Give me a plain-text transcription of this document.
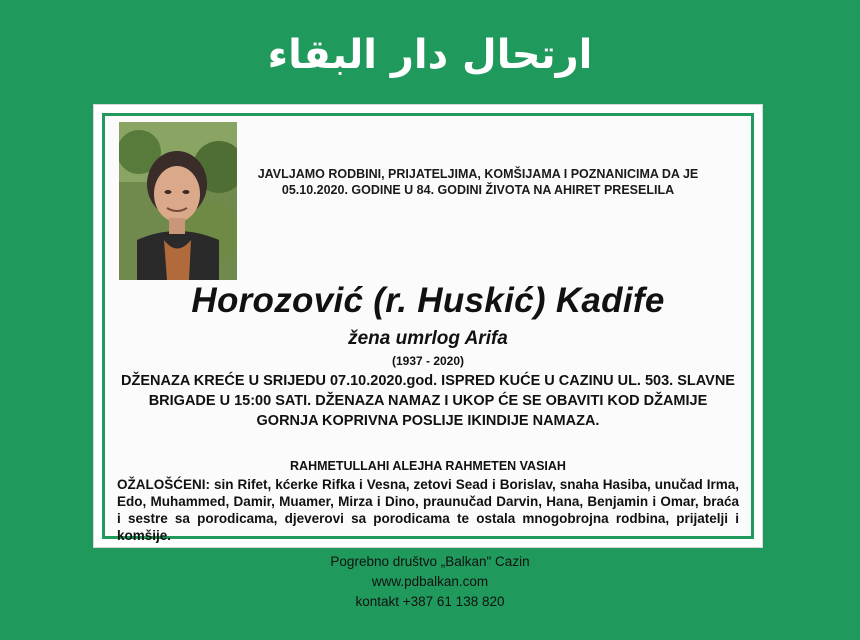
ارتحال دار البقاء
JAVLJAMO RODBINI, PRIJATELJIMA, KOMŠIJAMA I POZNANICIMA DA JE 05.10.2020. GODINE U 84. GODINI ŽIVOTA NA AHIRET PRESELILA
Horozović (r. Huskić) Kadife
žena umrlog Arifa
(1937 - 2020)
DŽENAZA KREĆE U SRIJEDU 07.10.2020.god. ISPRED KUĆE U CAZINU UL. 503. SLAVNE BRIGADE U 15:00 SATI. DŽENAZA NAMAZ I UKOP ĆE SE OBAVITI KOD DŽAMIJE GORNJA KOPRIVNA POSLIJE IKINDIJE NAMAZA.
RAHMETULLAHI ALEJHA RAHMETEN VASIAH
OŽALOŠĆENI: sin Rifet, kćerke Rifka i Vesna, zetovi Sead i Borislav, snaha Hasiba, unučad Irma, Edo, Muhammed, Damir, Muamer, Mirza i Dino, praunučad Darvin, Hana, Benjamin i Omar, braća i sestre sa porodicama, djeverovi sa porodicama te ostala mnogobrojna rodbina, prijatelji i komšije.
Pogrebno društvo „Balkan" Cazin
www.pdbalkan.com
kontakt +387 61 138 820
